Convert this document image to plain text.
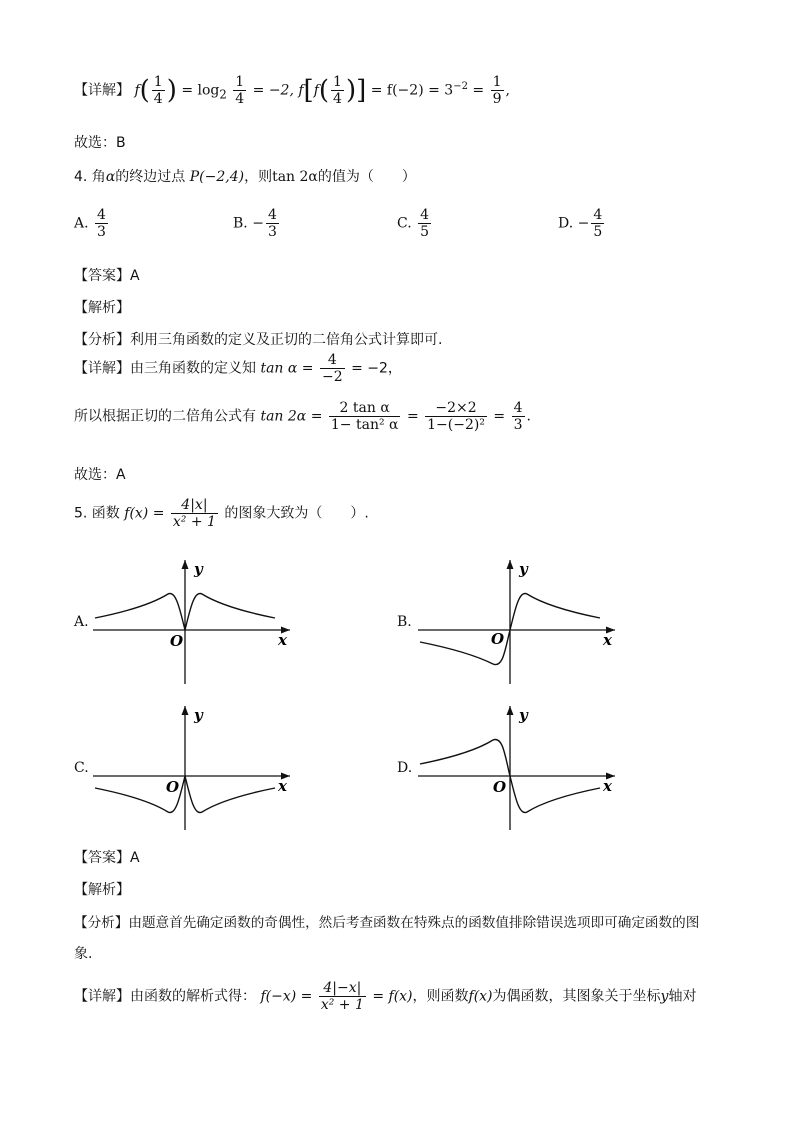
【详解】 $f( \frac{1}{4}$ ) = $\log_2 \frac{1}{4} = -2$, $f[f( \frac{1}{4}$ )] = $f(-2) = 3^{-2} = \frac{1}{9}$ ,
故选：B
4. 角α的终边过点 P(−2,4)，则tan 2α的值为（　　）
A. $\frac{4}{3}$	B. − $\frac{4}{3}$	C. $\frac{4}{5}$	D. − $\frac{4}{5}$
【答案】A
【解析】
【分析】利用三角函数的定义及正切的二倍角公式计算即可.
【详解】由三角函数的定义知 $\tan \alpha = \frac{4}{-2} = -2$，
所以根据正切的二倍角公式有 $\tan 2\alpha = \frac{\text{2 tan α}}{\text{1− tan² α}} = \frac{-2\times 2}{\text{1−(−2)²}} = \frac{4}{3}$ .
故选：A
5. 函数 $f(x) = \frac{4|x|}{\text{x² + 1}}$ 的图象大致为（　　）.
A.	B.
C.	D.
y
x
O
y
x
O
y
x
O
y
x
O
【答案】A
【解析】
【分析】由题意首先确定函数的奇偶性，然后考查函数在特殊点的函数值排除错误选项即可确定函数的图
象.
【详解】由函数的解析式得： $f(-x) = \frac{4|-x|}{\text{x² + 1}} = f(x)$，则函数f(x)为偶函数，其图象关于坐标y轴对
